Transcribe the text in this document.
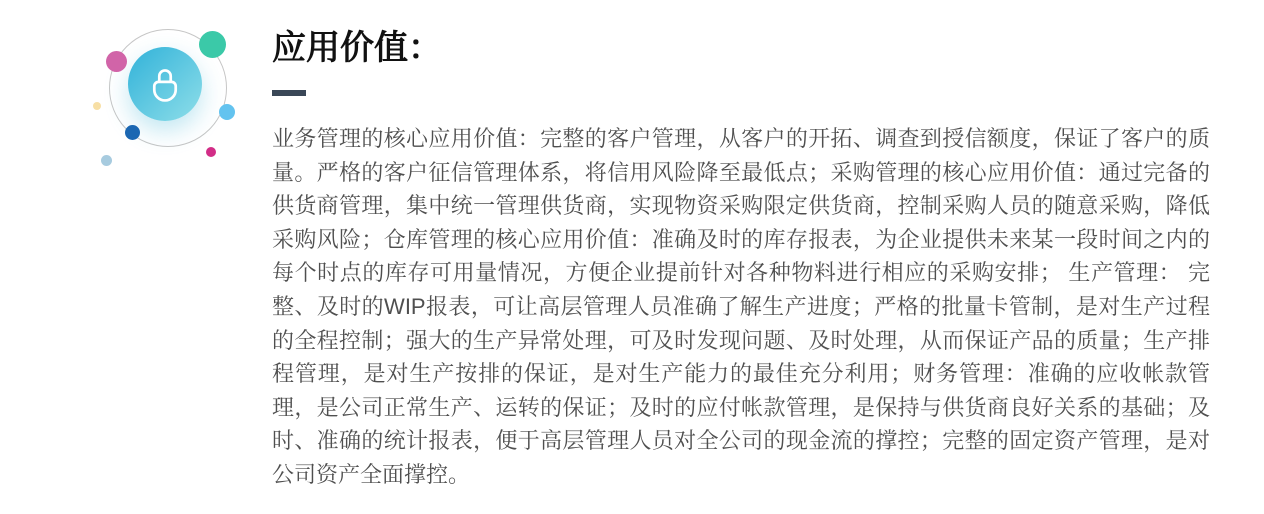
应用价值：

业务管理的核心应用价值：完整的客户管理，从客户的开拓、调查到授信额度，保证了客户的质量。严格的客户征信管理体系，将信用风险降至最低点；采购管理的核心应用价值：通过完备的供货商管理，集中统一管理供货商，实现物资采购限定供货商，控制采购人员的随意采购，降低采购风险；仓库管理的核心应用价值：准确及时的库存报表，为企业提供未来某一段时间之内的每个时点的库存可用量情况，方便企业提前针对各种物料进行相应的采购安排； 生产管理： 完整、及时的WIP报表，可让高层管理人员准确了解生产进度；严格的批量卡管制，是对生产过程的全程控制；强大的生产异常处理，可及时发现问题、及时处理，从而保证产品的质量；生产排程管理，是对生产按排的保证，是对生产能力的最佳充分利用；财务管理：准确的应收帐款管理，是公司正常生产、运转的保证；及时的应付帐款管理，是保持与供货商良好关系的基础；及时、准确的统计报表，便于高层管理人员对全公司的现金流的撑控；完整的固定资产管理，是对公司资产全面撑控。
